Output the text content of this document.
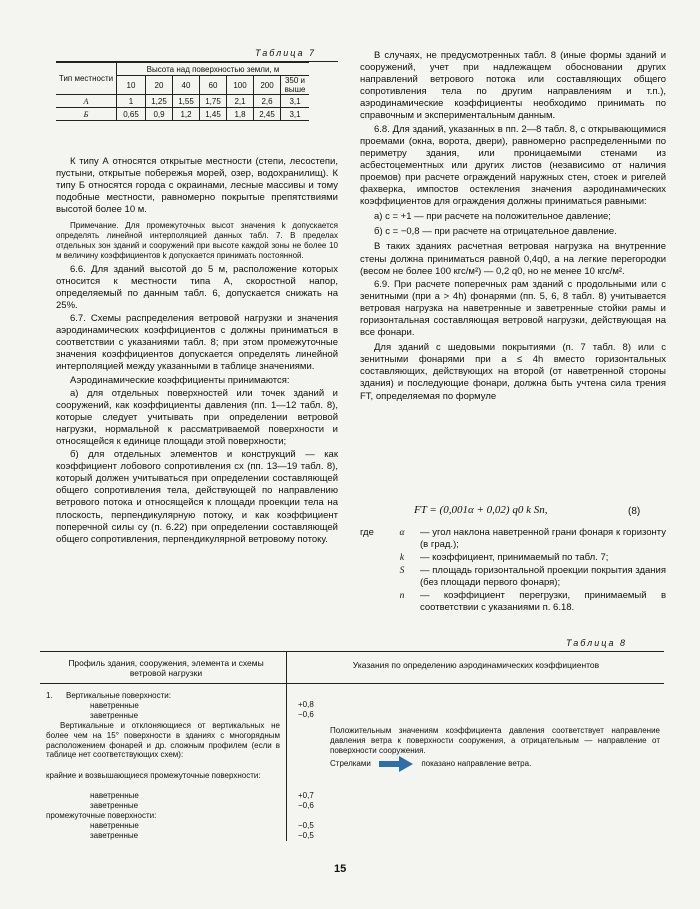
Таблица 7
Тип местности	Высота над поверхностью земли, м						
	10	20	40	60	100	200	350 и выше
А	1	1,25	1,55	1,75	2,1	2,6	3,1
Б	0,65	0,9	1,2	1,45	1,8	2,45	3,1

К типу А относятся открытые местности (степи, лесостепи, пустыни, открытые побережья морей, озер, водохранилищ). К типу Б относятся города с окраинами, лесные массивы и тому подобные местности, равномерно покрытые препятствиями высотой более 10 м.

Примечание. Для промежуточных высот значения k допускается определять линейной интерполяцией данных табл. 7. В пределах отдельных зон зданий и сооружений при высоте каждой зоны не более 10 м величину коэффициентов k допускается принимать постоянной.

6.6. Для зданий высотой до 5 м, расположение которых относится к местности типа А, скоростной напор, определяемый по данным табл. 6, допускается снижать на 25%.

6.7. Схемы распределения ветровой нагрузки и значения аэродинамических коэффициентов c должны приниматься в соответствии с указаниями табл. 8; при этом промежуточные значения коэффициентов допускается определять линейной интерполяцией между указанными в таблице значениями.

Аэродинамические коэффициенты принимаются:

а) для отдельных поверхностей или точек зданий и сооружений, как коэффициенты давления (пп. 1—12 табл. 8), которые следует учитывать при определении ветровой нагрузки, нормальной к рассматриваемой поверхности и относящейся к единице площади этой поверхности;

б) для отдельных элементов и конструкций — как коэффициент лобового сопротивления cx (пп. 13—19 табл. 8), который должен учитываться при определении составляющей общего сопротивления тела, действующей по направлению ветрового потока и относящейся к площади проекции тела на плоскость, перпендикулярную потоку, и как коэффициент поперечной силы cy (п. 6.22) при определении составляющей общего сопротивления, перпендикулярной ветровому потоку.

В случаях, не предусмотренных табл. 8 (иные формы зданий и сооружений, учет при надлежащем обосновании других направлений ветрового потока или составляющих общего сопротивления тела по другим направлениям и т.п.), аэродинамические коэффициенты необходимо принимать по справочным и экспериментальным данным.

6.8. Для зданий, указанных в пп. 2—8 табл. 8, с открывающимися проемами (окна, ворота, двери), равномерно распределенными по периметру здания, или проницаемыми стенами из асбестоцементных или других листов (независимо от наличия проемов) при расчете ограждений наружных стен, стоек и ригелей фахверка, импостов остекления значения аэродинамических коэффициентов для ограждения должны приниматься равными:

а) c = +1 — при расчете на положительное давление;

б) c = −0,8 — при расчете на отрицательное давление.

В таких зданиях расчетная ветровая нагрузка на внутренние стены должна приниматься равной 0,4q0, а на легкие перегородки (весом не более 100 кгс/м²) — 0,2 q0, но не менее 10 кгс/м².

6.9. При расчете поперечных рам зданий с продольными или с зенитными (при a > 4h) фонарями (пп. 5, 6, 8 табл. 8) учитывается ветровая нагрузка на наветренные и заветренные стойки рамы и горизонтальная составляющая ветровой нагрузки, действующая на все фонари.

Для зданий с шедовыми покрытиями (п. 7 табл. 8) или с зенитными фонарями при a ≤ 4h вместо горизонтальных составляющих, действующих на второй (от наветренной стороны здания) и последующие фонари, должна быть учтена сила трения FT, определяемая по формуле

FT = (0,001α + 0,02) q0 k Sn,	(8)
где	α	— угол наклона наветренной грани фонаря к горизонту (в град.);
k	— коэффициент, принимаемый по табл. 7;
S	— площадь горизонтальной проекции покрытия здания (без площади первого фонаря);
n	— коэффициент перегрузки, принимаемый в соответствии с указаниями п. 6.18.
Таблица 8
Профиль здания, сооружения, элемента и схемы ветровой нагрузки
Указания по определению аэродинамических коэффициентов
1. Вертикальные поверхности:
наветренные	+0,8
заветренные	−0,6
Вертикальные и отклоняющиеся от вертикальных не более чем на 15° поверхности в зданиях с многорядным расположением фонарей и др. сложным профилем (если в таблице нет соответствующих схем):
крайние и возвышающиеся промежуточные поверхности:
наветренные	+0,7
заветренные	−0,6
промежуточные поверхности:
наветренные	−0,5
заветренные	−0,5
Положительным значениям коэффициента давления соответствует направление давления ветра к поверхности сооружения, а отрицательным — направление от поверхности сооружения.
Стрелками	показано направление ветра.
15
